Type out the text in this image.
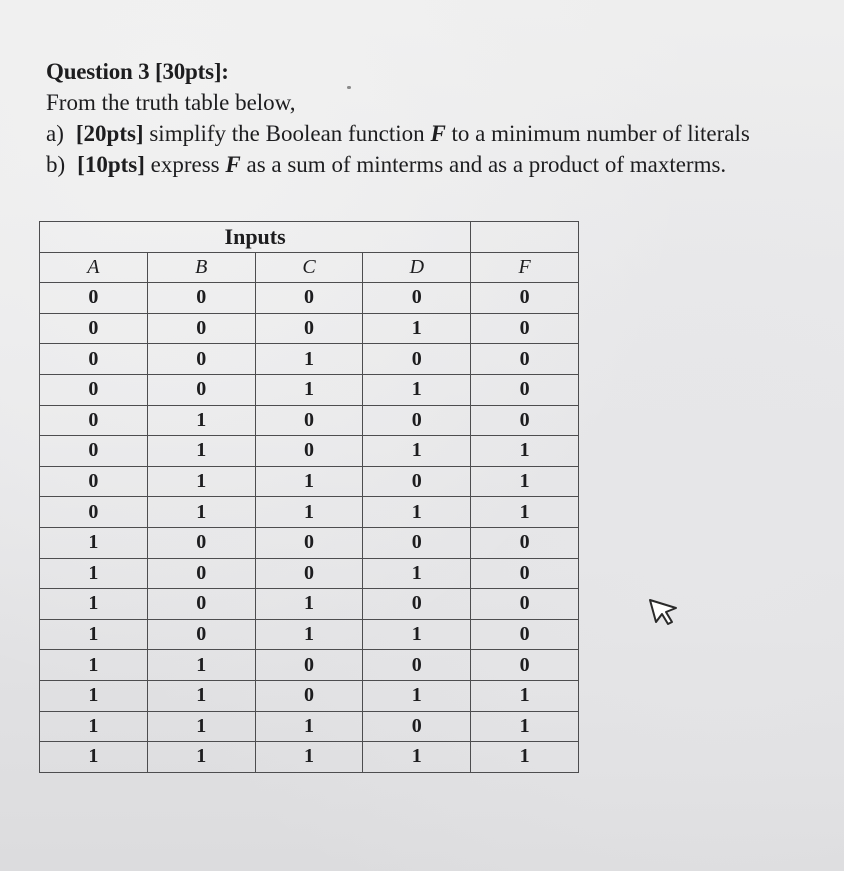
Question 3 [30pts]:
From the truth table below,
a) [20pts] simplify the Boolean function F to a minimum number of literals
b) [10pts] express F as a sum of minterms and as a product of maxterms.
Inputs				
A	B	C	D	F
0	0	0	0	0
0	0	0	1	0
0	0	1	0	0
0	0	1	1	0
0	1	0	0	0
0	1	0	1	1
0	1	1	0	1
0	1	1	1	1
1	0	0	0	0
1	0	0	1	0
1	0	1	0	0
1	0	1	1	0
1	1	0	0	0
1	1	0	1	1
1	1	1	0	1
1	1	1	1	1
